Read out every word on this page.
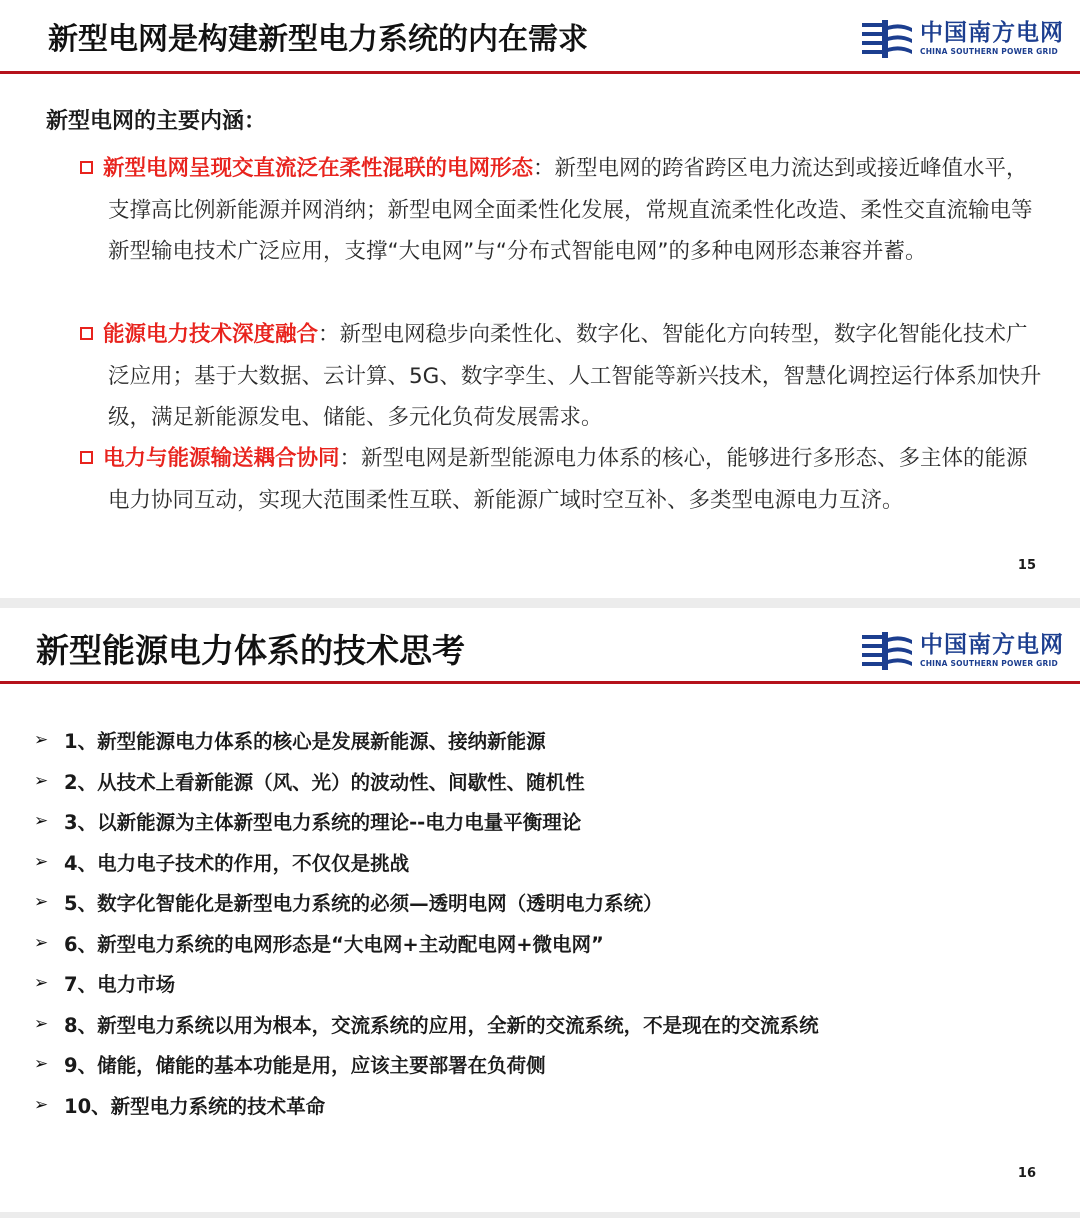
新型电网是构建新型电力系统的内在需求	中国南方电网
CHINA SOUTHERN POWER GRID
新型电网的主要内涵：
新型电网呈现交直流泛在柔性混联的电网形态：新型电网的跨省跨区电力流达到或接近峰值水平，支撑高比例新能源并网消纳；新型电网全面柔性化发展，常规直流柔性化改造、柔性交直流输电等新型输电技术广泛应用，支撑“大电网”与“分布式智能电网”的多种电网形态兼容并蓄。
能源电力技术深度融合：新型电网稳步向柔性化、数字化、智能化方向转型，数字化智能化技术广泛应用；基于大数据、云计算、5G、数字孪生、人工智能等新兴技术，智慧化调控运行体系加快升级，满足新能源发电、储能、多元化负荷发展需求。
电力与能源输送耦合协同：新型电网是新型能源电力体系的核心，能够进行多形态、多主体的能源电力协同互动，实现大范围柔性互联、新能源广域时空互补、多类型电源电力互济。
15
新型能源电力体系的技术思考	中国南方电网
CHINA SOUTHERN POWER GRID
➢ 1、新型能源电力体系的核心是发展新能源、接纳新能源
➢ 2、从技术上看新能源（风、光）的波动性、间歇性、随机性
➢ 3、以新能源为主体新型电力系统的理论--电力电量平衡理论
➢ 4、电力电子技术的作用，不仅仅是挑战
➢ 5、数字化智能化是新型电力系统的必须—透明电网（透明电力系统）
➢ 6、新型电力系统的电网形态是“大电网+主动配电网+微电网”
➢ 7、电力市场
➢ 8、新型电力系统以用为根本，交流系统的应用，全新的交流系统，不是现在的交流系统
➢ 9、储能，储能的基本功能是用，应该主要部署在负荷侧
➢ 10、新型电力系统的技术革命
16
